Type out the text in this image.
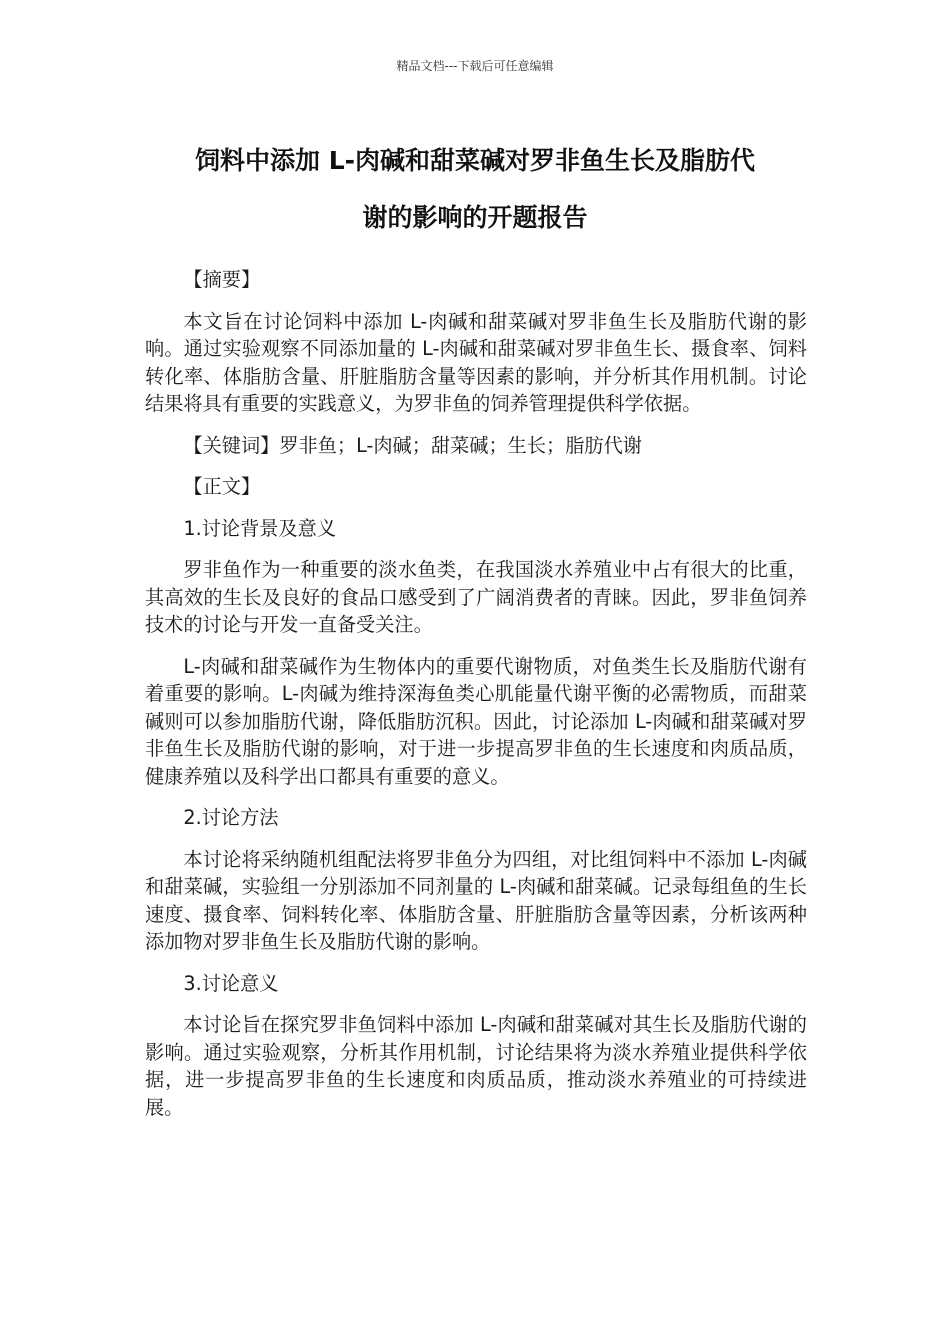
精品文档---下载后可任意编辑
饲料中添加 L-肉碱和甜菜碱对罗非鱼生长及脂肪代
谢的影响的开题报告

【摘要】

本文旨在讨论饲料中添加 L-肉碱和甜菜碱对罗非鱼生长及脂肪代谢的影响。通过实验观察不同添加量的 L-肉碱和甜菜碱对罗非鱼生长、摄食率、饲料转化率、体脂肪含量、肝脏脂肪含量等因素的影响，并分析其作用机制。讨论结果将具有重要的实践意义，为罗非鱼的饲养管理提供科学依据。

【关键词】罗非鱼；L-肉碱；甜菜碱；生长；脂肪代谢

【正文】

1.讨论背景及意义

罗非鱼作为一种重要的淡水鱼类，在我国淡水养殖业中占有很大的比重，其高效的生长及良好的食品口感受到了广阔消费者的青睐。因此，罗非鱼饲养技术的讨论与开发一直备受关注。

L-肉碱和甜菜碱作为生物体内的重要代谢物质，对鱼类生长及脂肪代谢有着重要的影响。L-肉碱为维持深海鱼类心肌能量代谢平衡的必需物质，而甜菜碱则可以参加脂肪代谢，降低脂肪沉积。因此，讨论添加 L-肉碱和甜菜碱对罗非鱼生长及脂肪代谢的影响，对于进一步提高罗非鱼的生长速度和肉质品质，健康养殖以及科学出口都具有重要的意义。

2.讨论方法

本讨论将采纳随机组配法将罗非鱼分为四组，对比组饲料中不添加 L-肉碱和甜菜碱，实验组一分别添加不同剂量的 L-肉碱和甜菜碱。记录每组鱼的生长速度、摄食率、饲料转化率、体脂肪含量、肝脏脂肪含量等因素，分析该两种添加物对罗非鱼生长及脂肪代谢的影响。

3.讨论意义

本讨论旨在探究罗非鱼饲料中添加 L-肉碱和甜菜碱对其生长及脂肪代谢的影响。通过实验观察，分析其作用机制，讨论结果将为淡水养殖业提供科学依据，进一步提高罗非鱼的生长速度和肉质品质，推动淡水养殖业的可持续进展。
